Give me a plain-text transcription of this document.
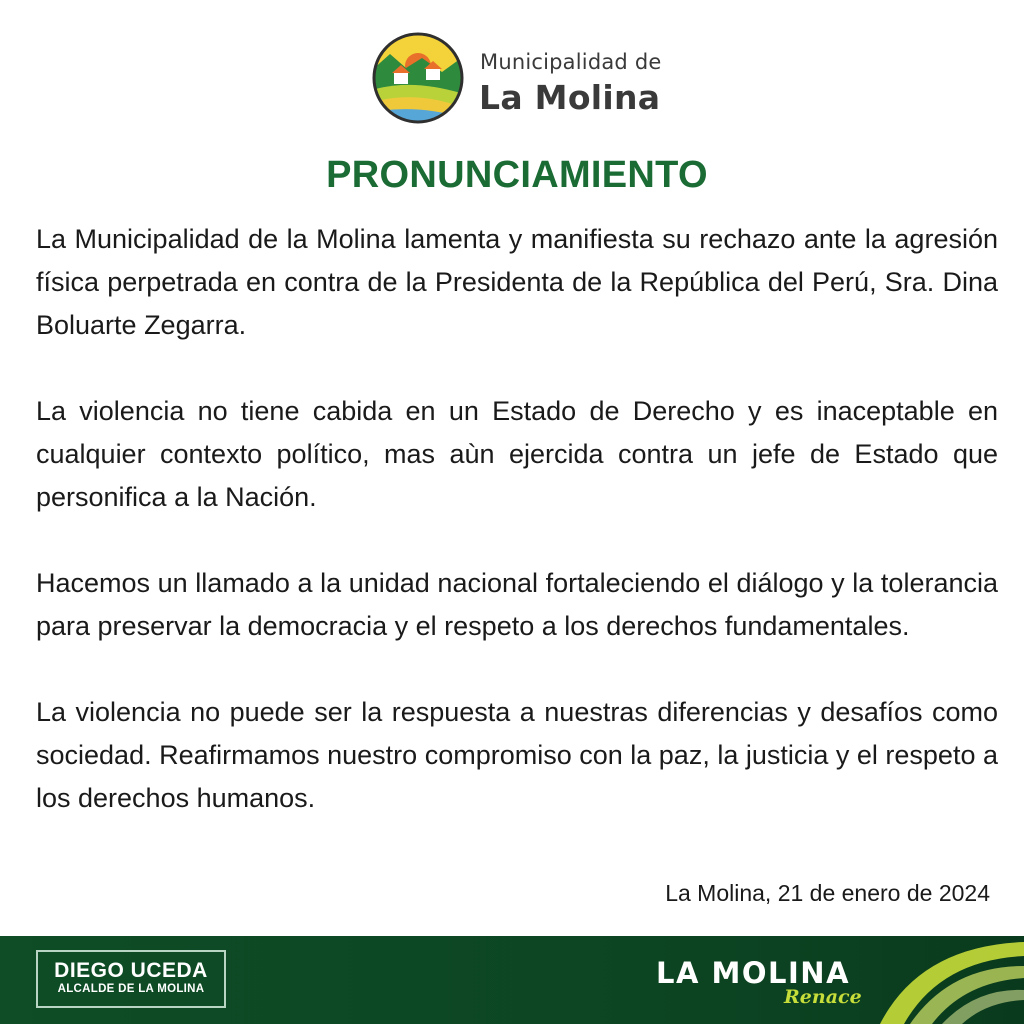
Municipalidad de
La Molina
PRONUNCIAMIENTO

La Municipalidad de la Molina lamenta y manifiesta su rechazo ante la agresión física perpetrada en contra de la Presidenta de la República del Perú, Sra. Dina Boluarte Zegarra.

La violencia no tiene cabida en un Estado de Derecho y es inaceptable en cualquier contexto político, mas aùn ejercida contra un jefe de Estado que personifica a la Nación.

Hacemos un llamado a la unidad nacional fortaleciendo el diálogo y la tolerancia para preservar la democracia y el respeto a los derechos fundamentales.

La violencia no puede ser la respuesta a nuestras diferencias y desafíos como sociedad. Reafirmamos nuestro compromiso con la paz, la justicia y el respeto a los derechos humanos.

La Molina, 21 de enero de 2024
DIEGO UCEDA
ALCALDE DE LA MOLINA	LA MOLINA
Renace
